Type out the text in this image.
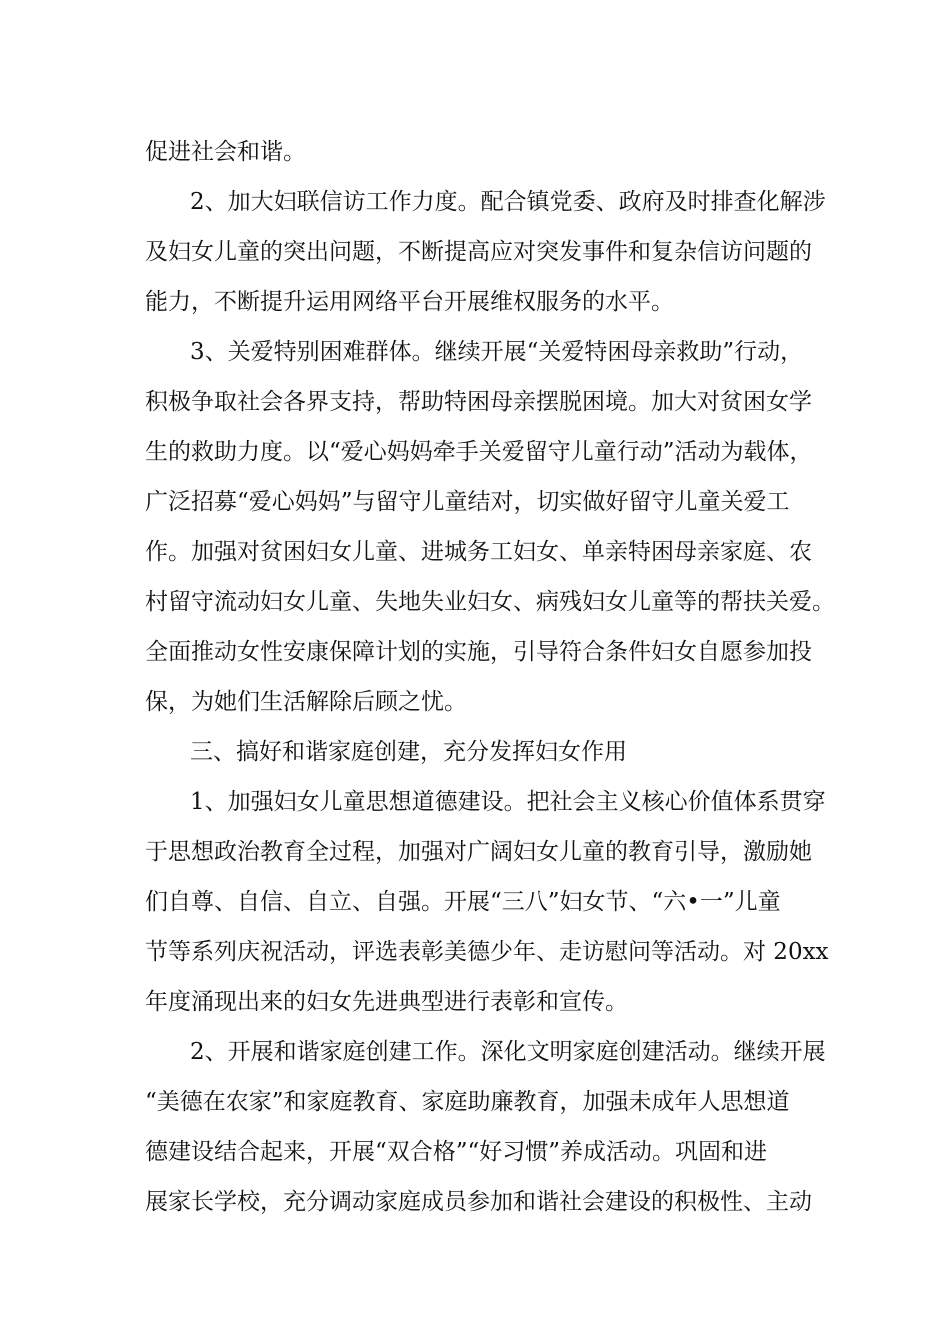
促进社会和谐。
2、加大妇联信访工作力度。配合镇党委、政府及时排查化解涉
及妇女儿童的突出问题，不断提高应对突发事件和复杂信访问题的
能力，不断提升运用网络平台开展维权服务的水平。
3、关爱特别困难群体。继续开展“关爱特困母亲救助”行动，
积极争取社会各界支持，帮助特困母亲摆脱困境。加大对贫困女学
生的救助力度。以“爱心妈妈牵手关爱留守儿童行动”活动为载体，
广泛招募“爱心妈妈”与留守儿童结对，切实做好留守儿童关爱工
作。加强对贫困妇女儿童、进城务工妇女、单亲特困母亲家庭、农
村留守流动妇女儿童、失地失业妇女、病残妇女儿童等的帮扶关爱。
全面推动女性安康保障计划的实施，引导符合条件妇女自愿参加投
保，为她们生活解除后顾之忧。
三、搞好和谐家庭创建，充分发挥妇女作用
1、加强妇女儿童思想道德建设。把社会主义核心价值体系贯穿
于思想政治教育全过程，加强对广阔妇女儿童的教育引导，激励她
们自尊、自信、自立、自强。开展“三八”妇女节、“六•一”儿童
节等系列庆祝活动，评选表彰美德少年、走访慰问等活动。对 20xx
年度涌现出来的妇女先进典型进行表彰和宣传。
2、开展和谐家庭创建工作。深化文明家庭创建活动。继续开展
“美德在农家”和家庭教育、家庭助廉教育，加强未成年人思想道
德建设结合起来，开展“双合格”“好习惯”养成活动。巩固和进
展家长学校，充分调动家庭成员参加和谐社会建设的积极性、主动
